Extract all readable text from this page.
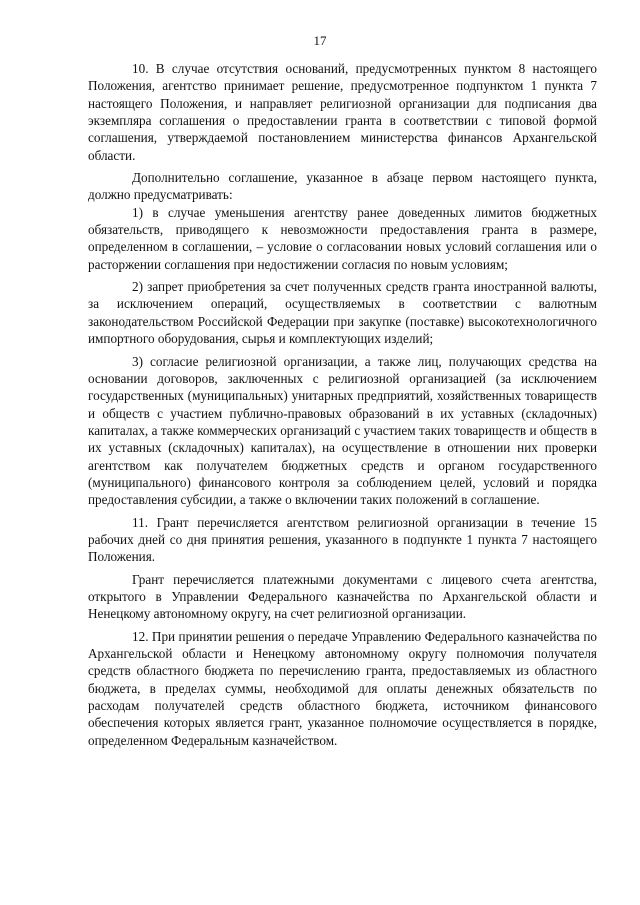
17

10. В случае отсутствия оснований, предусмотренных пунктом 8 настоящего Положения, агентство принимает решение, предусмотренное подпунктом 1 пункта 7 настоящего Положения, и направляет религиозной организации для подписания два экземпляра соглашения о предоставлении гранта в соответствии с типовой формой соглашения, утверждаемой постановлением министерства финансов Архангельской области.

Дополнительно соглашение, указанное в абзаце первом настоящего пункта, должно предусматривать:

1) в случае уменьшения агентству ранее доведенных лимитов бюджетных обязательств, приводящего к невозможности предоставления гранта в размере, определенном в соглашении, – условие о согласовании новых условий соглашения или о расторжении соглашения при недостижении согласия по новым условиям;

2) запрет приобретения за счет полученных средств гранта иностранной валюты, за исключением операций, осуществляемых в соответствии с валютным законодательством Российской Федерации при закупке (поставке) высокотехнологичного импортного оборудования, сырья и комплектующих изделий;

3) согласие религиозной организации, а также лиц, получающих средства на основании договоров, заключенных с религиозной организацией (за исключением государственных (муниципальных) унитарных предприятий, хозяйственных товариществ и обществ с участием публично-правовых образований в их уставных (складочных) капиталах, а также коммерческих организаций с участием таких товариществ и обществ в их уставных (складочных) капиталах), на осуществление в отношении них проверки агентством как получателем бюджетных средств и органом государственного (муниципального) финансового контроля за соблюдением целей, условий и порядка предоставления субсидии, а также о включении таких положений в соглашение.

11. Грант перечисляется агентством религиозной организации в течение 15 рабочих дней со дня принятия решения, указанного в подпункте 1 пункта 7 настоящего Положения.

Грант перечисляется платежными документами с лицевого счета агентства, открытого в Управлении Федерального казначейства по Архангельской области и Ненецкому автономному округу, на счет религиозной организации.

12. При принятии решения о передаче Управлению Федерального казначейства по Архангельской области и Ненецкому автономному округу полномочия получателя средств областного бюджета по перечислению гранта, предоставляемых из областного бюджета, в пределах суммы, необходимой для оплаты денежных обязательств по расходам получателей средств областного бюджета, источником финансового обеспечения которых является грант, указанное полномочие осуществляется в порядке, определенном Федеральным казначейством.
